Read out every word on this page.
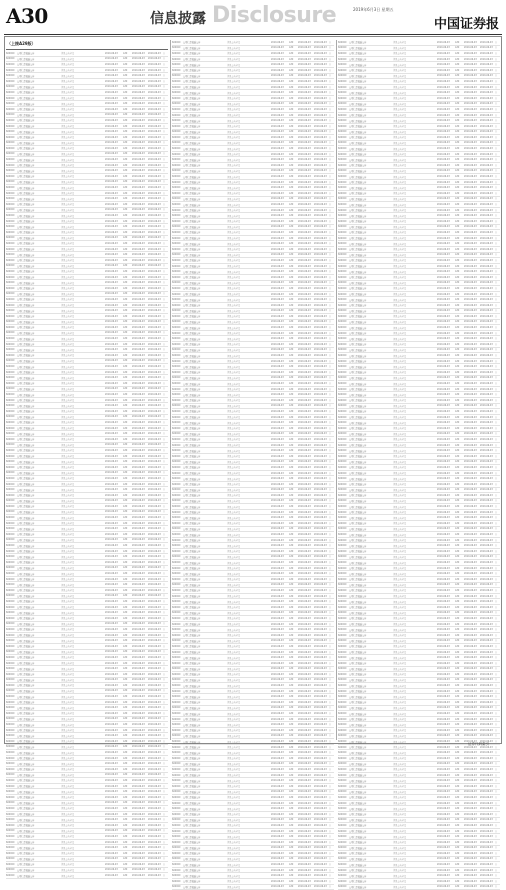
A30	信息披露 Disclosure	2019年6月3日 星期五
中国证券报
（上接A29版）
600000	公司信息披露公告	详见公告全文	2019-06-03	A30	2019-06-03	2019-06-03	○
600000	公司信息披露公告	详见公告全文	2019-06-03	A30	2019-06-03	2019-06-03	○
600000	公司信息披露公告	详见公告全文	2019-06-03	A30	2019-06-03	2019-06-03	○
600000	公司信息披露公告	详见公告全文	2019-06-03	A30	2019-06-03	2019-06-03	○
600000	公司信息披露公告	详见公告全文	2019-06-03	A30	2019-06-03	2019-06-03	○
600000	公司信息披露公告	详见公告全文	2019-06-03	A30	2019-06-03	2019-06-03	○
600000	公司信息披露公告	详见公告全文	2019-06-03	A30	2019-06-03	2019-06-03	○
600000	公司信息披露公告	详见公告全文	2019-06-03	A30	2019-06-03	2019-06-03	○
600000	公司信息披露公告	详见公告全文	2019-06-03	A30	2019-06-03	2019-06-03	○
600000	公司信息披露公告	详见公告全文	2019-06-03	A30	2019-06-03	2019-06-03	○
600000	公司信息披露公告	详见公告全文	2019-06-03	A30	2019-06-03	2019-06-03	○
600000	公司信息披露公告	详见公告全文	2019-06-03	A30	2019-06-03	2019-06-03	○
600000	公司信息披露公告	详见公告全文	2019-06-03	A30	2019-06-03	2019-06-03	○
600000	公司信息披露公告	详见公告全文	2019-06-03	A30	2019-06-03	2019-06-03	○
600000	公司信息披露公告	详见公告全文	2019-06-03	A30	2019-06-03	2019-06-03	○
600000	公司信息披露公告	详见公告全文	2019-06-03	A30	2019-06-03	2019-06-03	○
600000	公司信息披露公告	详见公告全文	2019-06-03	A30	2019-06-03	2019-06-03	○
600000	公司信息披露公告	详见公告全文	2019-06-03	A30	2019-06-03	2019-06-03	○
600000	公司信息披露公告	详见公告全文	2019-06-03	A30	2019-06-03	2019-06-03	○
600000	公司信息披露公告	详见公告全文	2019-06-03	A30	2019-06-03	2019-06-03	○
600000	公司信息披露公告	详见公告全文	2019-06-03	A30	2019-06-03	2019-06-03	○
600000	公司信息披露公告	详见公告全文	2019-06-03	A30	2019-06-03	2019-06-03	○
600000	公司信息披露公告	详见公告全文	2019-06-03	A30	2019-06-03	2019-06-03	○
600000	公司信息披露公告	详见公告全文	2019-06-03	A30	2019-06-03	2019-06-03	○
600000	公司信息披露公告	详见公告全文	2019-06-03	A30	2019-06-03	2019-06-03	○
600000	公司信息披露公告	详见公告全文	2019-06-03	A30	2019-06-03	2019-06-03	○
600000	公司信息披露公告	详见公告全文	2019-06-03	A30	2019-06-03	2019-06-03	○
600000	公司信息披露公告	详见公告全文	2019-06-03	A30	2019-06-03	2019-06-03	○
600000	公司信息披露公告	详见公告全文	2019-06-03	A30	2019-06-03	2019-06-03	○
600000	公司信息披露公告	详见公告全文	2019-06-03	A30	2019-06-03	2019-06-03	○
600000	公司信息披露公告	详见公告全文	2019-06-03	A30	2019-06-03	2019-06-03	○
600000	公司信息披露公告	详见公告全文	2019-06-03	A30	2019-06-03	2019-06-03	○
600000	公司信息披露公告	详见公告全文	2019-06-03	A30	2019-06-03	2019-06-03	○
600000	公司信息披露公告	详见公告全文	2019-06-03	A30	2019-06-03	2019-06-03	○
600000	公司信息披露公告	详见公告全文	2019-06-03	A30	2019-06-03	2019-06-03	○
600000	公司信息披露公告	详见公告全文	2019-06-03	A30	2019-06-03	2019-06-03	○
600000	公司信息披露公告	详见公告全文	2019-06-03	A30	2019-06-03	2019-06-03	○
600000	公司信息披露公告	详见公告全文	2019-06-03	A30	2019-06-03	2019-06-03	○
600000	公司信息披露公告	详见公告全文	2019-06-03	A30	2019-06-03	2019-06-03	○
600000	公司信息披露公告	详见公告全文	2019-06-03	A30	2019-06-03	2019-06-03	○
600000	公司信息披露公告	详见公告全文	2019-06-03	A30	2019-06-03	2019-06-03	○
600000	公司信息披露公告	详见公告全文	2019-06-03	A30	2019-06-03	2019-06-03	○
600000	公司信息披露公告	详见公告全文	2019-06-03	A30	2019-06-03	2019-06-03	○
600000	公司信息披露公告	详见公告全文	2019-06-03	A30	2019-06-03	2019-06-03	○
600000	公司信息披露公告	详见公告全文	2019-06-03	A30	2019-06-03	2019-06-03	○
600000	公司信息披露公告	详见公告全文	2019-06-03	A30	2019-06-03	2019-06-03	○
600000	公司信息披露公告	详见公告全文	2019-06-03	A30	2019-06-03	2019-06-03	○
600000	公司信息披露公告	详见公告全文	2019-06-03	A30	2019-06-03	2019-06-03	○
600000	公司信息披露公告	详见公告全文	2019-06-03	A30	2019-06-03	2019-06-03	○
600000	公司信息披露公告	详见公告全文	2019-06-03	A30	2019-06-03	2019-06-03	○
600000	公司信息披露公告	详见公告全文	2019-06-03	A30	2019-06-03	2019-06-03	○
600000	公司信息披露公告	详见公告全文	2019-06-03	A30	2019-06-03	2019-06-03	○
600000	公司信息披露公告	详见公告全文	2019-06-03	A30	2019-06-03	2019-06-03	○
600000	公司信息披露公告	详见公告全文	2019-06-03	A30	2019-06-03	2019-06-03	○
600000	公司信息披露公告	详见公告全文	2019-06-03	A30	2019-06-03	2019-06-03	○
600000	公司信息披露公告	详见公告全文	2019-06-03	A30	2019-06-03	2019-06-03	○
600000	公司信息披露公告	详见公告全文	2019-06-03	A30	2019-06-03	2019-06-03	○
600000	公司信息披露公告	详见公告全文	2019-06-03	A30	2019-06-03	2019-06-03	○
600000	公司信息披露公告	详见公告全文	2019-06-03	A30	2019-06-03	2019-06-03	○
600000	公司信息披露公告	详见公告全文	2019-06-03	A30	2019-06-03	2019-06-03	○
600000	公司信息披露公告	详见公告全文	2019-06-03	A30	2019-06-03	2019-06-03	○
600000	公司信息披露公告	详见公告全文	2019-06-03	A30	2019-06-03	2019-06-03	○
600000	公司信息披露公告	详见公告全文	2019-06-03	A30	2019-06-03	2019-06-03	○
600000	公司信息披露公告	详见公告全文	2019-06-03	A30	2019-06-03	2019-06-03	○
600000	公司信息披露公告	详见公告全文	2019-06-03	A30	2019-06-03	2019-06-03	○
600000	公司信息披露公告	详见公告全文	2019-06-03	A30	2019-06-03	2019-06-03	○
600000	公司信息披露公告	详见公告全文	2019-06-03	A30	2019-06-03	2019-06-03	○
600000	公司信息披露公告	详见公告全文	2019-06-03	A30	2019-06-03	2019-06-03	○
600000	公司信息披露公告	详见公告全文	2019-06-03	A30	2019-06-03	2019-06-03	○
600000	公司信息披露公告	详见公告全文	2019-06-03	A30	2019-06-03	2019-06-03	○
600000	公司信息披露公告	详见公告全文	2019-06-03	A30	2019-06-03	2019-06-03	○
600000	公司信息披露公告	详见公告全文	2019-06-03	A30	2019-06-03	2019-06-03	○
600000	公司信息披露公告	详见公告全文	2019-06-03	A30	2019-06-03	2019-06-03	○
600000	公司信息披露公告	详见公告全文	2019-06-03	A30	2019-06-03	2019-06-03	○
600000	公司信息披露公告	详见公告全文	2019-06-03	A30	2019-06-03	2019-06-03	○
600000	公司信息披露公告	详见公告全文	2019-06-03	A30	2019-06-03	2019-06-03	○
600000	公司信息披露公告	详见公告全文	2019-06-03	A30	2019-06-03	2019-06-03	○
600000	公司信息披露公告	详见公告全文	2019-06-03	A30	2019-06-03	2019-06-03	○
600000	公司信息披露公告	详见公告全文	2019-06-03	A30	2019-06-03	2019-06-03	○
600000	公司信息披露公告	详见公告全文	2019-06-03	A30	2019-06-03	2019-06-03	○
600000	公司信息披露公告	详见公告全文	2019-06-03	A30	2019-06-03	2019-06-03	○
600000	公司信息披露公告	详见公告全文	2019-06-03	A30	2019-06-03	2019-06-03	○
600000	公司信息披露公告	详见公告全文	2019-06-03	A30	2019-06-03	2019-06-03	○
600000	公司信息披露公告	详见公告全文	2019-06-03	A30	2019-06-03	2019-06-03	○
600000	公司信息披露公告	详见公告全文	2019-06-03	A30	2019-06-03	2019-06-03	○
600000	公司信息披露公告	详见公告全文	2019-06-03	A30	2019-06-03	2019-06-03	○
600000	公司信息披露公告	详见公告全文	2019-06-03	A30	2019-06-03	2019-06-03	○
600000	公司信息披露公告	详见公告全文	2019-06-03	A30	2019-06-03	2019-06-03	○
600000	公司信息披露公告	详见公告全文	2019-06-03	A30	2019-06-03	2019-06-03	○
600000	公司信息披露公告	详见公告全文	2019-06-03	A30	2019-06-03	2019-06-03	○
600000	公司信息披露公告	详见公告全文	2019-06-03	A30	2019-06-03	2019-06-03	○
600000	公司信息披露公告	详见公告全文	2019-06-03	A30	2019-06-03	2019-06-03	○
600000	公司信息披露公告	详见公告全文	2019-06-03	A30	2019-06-03	2019-06-03	○
600000	公司信息披露公告	详见公告全文	2019-06-03	A30	2019-06-03	2019-06-03	○
600000	公司信息披露公告	详见公告全文	2019-06-03	A30	2019-06-03	2019-06-03	○
600000	公司信息披露公告	详见公告全文	2019-06-03	A30	2019-06-03	2019-06-03	○
600000	公司信息披露公告	详见公告全文	2019-06-03	A30	2019-06-03	2019-06-03	○
600000	公司信息披露公告	详见公告全文	2019-06-03	A30	2019-06-03	2019-06-03	○
600000	公司信息披露公告	详见公告全文	2019-06-03	A30	2019-06-03	2019-06-03	○
600000	公司信息披露公告	详见公告全文	2019-06-03	A30	2019-06-03	2019-06-03	○
600000	公司信息披露公告	详见公告全文	2019-06-03	A30	2019-06-03	2019-06-03	○
600000	公司信息披露公告	详见公告全文	2019-06-03	A30	2019-06-03	2019-06-03	○
600000	公司信息披露公告	详见公告全文	2019-06-03	A30	2019-06-03	2019-06-03	○
600000	公司信息披露公告	详见公告全文	2019-06-03	A30	2019-06-03	2019-06-03	○
600000	公司信息披露公告	详见公告全文	2019-06-03	A30	2019-06-03	2019-06-03	○
600000	公司信息披露公告	详见公告全文	2019-06-03	A30	2019-06-03	2019-06-03	○
600000	公司信息披露公告	详见公告全文	2019-06-03	A30	2019-06-03	2019-06-03	○
600000	公司信息披露公告	详见公告全文	2019-06-03	A30	2019-06-03	2019-06-03	○
600000	公司信息披露公告	详见公告全文	2019-06-03	A30	2019-06-03	2019-06-03	○
600000	公司信息披露公告	详见公告全文	2019-06-03	A30	2019-06-03	2019-06-03	○
600000	公司信息披露公告	详见公告全文	2019-06-03	A30	2019-06-03	2019-06-03	○
600000	公司信息披露公告	详见公告全文	2019-06-03	A30	2019-06-03	2019-06-03	○
600000	公司信息披露公告	详见公告全文	2019-06-03	A30	2019-06-03	2019-06-03	○
600000	公司信息披露公告	详见公告全文	2019-06-03	A30	2019-06-03	2019-06-03	○
600000	公司信息披露公告	详见公告全文	2019-06-03	A30	2019-06-03	2019-06-03	○
600000	公司信息披露公告	详见公告全文	2019-06-03	A30	2019-06-03	2019-06-03	○
600000	公司信息披露公告	详见公告全文	2019-06-03	A30	2019-06-03	2019-06-03	○
600000	公司信息披露公告	详见公告全文	2019-06-03	A30	2019-06-03	2019-06-03	○
600000	公司信息披露公告	详见公告全文	2019-06-03	A30	2019-06-03	2019-06-03	○
600000	公司信息披露公告	详见公告全文	2019-06-03	A30	2019-06-03	2019-06-03	○
600000	公司信息披露公告	详见公告全文	2019-06-03	A30	2019-06-03	2019-06-03	○
600000	公司信息披露公告	详见公告全文	2019-06-03	A30	2019-06-03	2019-06-03	○
600000	公司信息披露公告	详见公告全文	2019-06-03	A30	2019-06-03	2019-06-03	○
600000	公司信息披露公告	详见公告全文	2019-06-03	A30	2019-06-03	2019-06-03	○
600000	公司信息披露公告	详见公告全文	2019-06-03	A30	2019-06-03	2019-06-03	○
600000	公司信息披露公告	详见公告全文	2019-06-03	A30	2019-06-03	2019-06-03	○
600000	公司信息披露公告	详见公告全文	2019-06-03	A30	2019-06-03	2019-06-03	○
600000	公司信息披露公告	详见公告全文	2019-06-03	A30	2019-06-03	2019-06-03	○
600000	公司信息披露公告	详见公告全文	2019-06-03	A30	2019-06-03	2019-06-03	○
600000	公司信息披露公告	详见公告全文	2019-06-03	A30	2019-06-03	2019-06-03	○
600000	公司信息披露公告	详见公告全文	2019-06-03	A30	2019-06-03	2019-06-03	○
600000	公司信息披露公告	详见公告全文	2019-06-03	A30	2019-06-03	2019-06-03	○
600000	公司信息披露公告	详见公告全文	2019-06-03	A30	2019-06-03	2019-06-03	○
600000	公司信息披露公告	详见公告全文	2019-06-03	A30	2019-06-03	2019-06-03	○
600000	公司信息披露公告	详见公告全文	2019-06-03	A30	2019-06-03	2019-06-03	○
600000	公司信息披露公告	详见公告全文	2019-06-03	A30	2019-06-03	2019-06-03	○
600000	公司信息披露公告	详见公告全文	2019-06-03	A30	2019-06-03	2019-06-03	○
600000	公司信息披露公告	详见公告全文	2019-06-03	A30	2019-06-03	2019-06-03	○
600000	公司信息披露公告	详见公告全文	2019-06-03	A30	2019-06-03	2019-06-03	○
600000	公司信息披露公告	详见公告全文	2019-06-03	A30	2019-06-03	2019-06-03	○
600000	公司信息披露公告	详见公告全文	2019-06-03	A30	2019-06-03	2019-06-03	○
600000	公司信息披露公告	详见公告全文	2019-06-03	A30	2019-06-03	2019-06-03	○
600000	公司信息披露公告	详见公告全文	2019-06-03	A30	2019-06-03	2019-06-03	○
600000	公司信息披露公告	详见公告全文	2019-06-03	A30	2019-06-03	2019-06-03	○
600000	公司信息披露公告	详见公告全文	2019-06-03	A30	2019-06-03	2019-06-03	○
600000	公司信息披露公告	详见公告全文	2019-06-03	A30	2019-06-03	2019-06-03	○
600000	公司信息披露公告	详见公告全文	2019-06-03	A30	2019-06-03	2019-06-03	○
600000	公司信息披露公告	详见公告全文	2019-06-03	A30	2019-06-03	2019-06-03	○
600000	公司信息披露公告	详见公告全文	2019-06-03	A30	2019-06-03	2019-06-03	○
600000	公司信息披露公告	详见公告全文	2019-06-03	A30	2019-06-03	2019-06-03	○
600000	公司信息披露公告	详见公告全文	2019-06-03	A30	2019-06-03	2019-06-03	○
600000	公司信息披露公告	详见公告全文	2019-06-03	A30	2019-06-03	2019-06-03	○
600000	公司信息披露公告	详见公告全文	2019-06-03	A30	2019-06-03	2019-06-03	○
600000	公司信息披露公告	详见公告全文	2019-06-03	A30	2019-06-03	2019-06-03	○
600000	公司信息披露公告	详见公告全文	2019-06-03	A30	2019-06-03	2019-06-03	○
600000	公司信息披露公告	详见公告全文	2019-06-03	A30	2019-06-03	2019-06-03	○
600000	公司信息披露公告	详见公告全文	2019-06-03	A30	2019-06-03	2019-06-03	○
600000	公司信息披露公告	详见公告全文	2019-06-03	A30	2019-06-03	2019-06-03	○
600000	公司信息披露公告	详见公告全文	2019-06-03	A30	2019-06-03	2019-06-03	○
600000	公司信息披露公告	详见公告全文	2019-06-03	A30	2019-06-03	2019-06-03	○
600000	公司信息披露公告	详见公告全文	2019-06-03	A30	2019-06-03	2019-06-03	○
600000	公司信息披露公告	详见公告全文	2019-06-03	A30	2019-06-03	2019-06-03	○
600000	公司信息披露公告	详见公告全文	2019-06-03	A30	2019-06-03	2019-06-03	○
600000	公司信息披露公告	详见公告全文	2019-06-03	A30	2019-06-03	2019-06-03	○
600000	公司信息披露公告	详见公告全文	2019-06-03	A30	2019-06-03	2019-06-03	○
600000	公司信息披露公告	详见公告全文	2019-06-03	A30	2019-06-03	2019-06-03	○
600000	公司信息披露公告	详见公告全文	2019-06-03	A30	2019-06-03	2019-06-03	○
600000	公司信息披露公告	详见公告全文	2019-06-03	A30	2019-06-03	2019-06-03	○
600000	公司信息披露公告	详见公告全文	2019-06-03	A30	2019-06-03	2019-06-03	○
600000	公司信息披露公告	详见公告全文	2019-06-03	A30	2019-06-03	2019-06-03	○
600000	公司信息披露公告	详见公告全文	2019-06-03	A30	2019-06-03	2019-06-03	○
600000	公司信息披露公告	详见公告全文	2019-06-03	A30	2019-06-03	2019-06-03	○
600000	公司信息披露公告	详见公告全文	2019-06-03	A30	2019-06-03	2019-06-03	○
600000	公司信息披露公告	详见公告全文	2019-06-03	A30	2019-06-03	2019-06-03	○
600000	公司信息披露公告	详见公告全文	2019-06-03	A30	2019-06-03	2019-06-03	○
600000	公司信息披露公告	详见公告全文	2019-06-03	A30	2019-06-03	2019-06-03	○
600000	公司信息披露公告	详见公告全文	2019-06-03	A30	2019-06-03	2019-06-03	○
600000	公司信息披露公告	详见公告全文	2019-06-03	A30	2019-06-03	2019-06-03	○
600000	公司信息披露公告	详见公告全文	2019-06-03	A30	2019-06-03	2019-06-03	○
600000	公司信息披露公告	详见公告全文	2019-06-03	A30	2019-06-03	2019-06-03	○
600000	公司信息披露公告	详见公告全文	2019-06-03	A30	2019-06-03	2019-06-03	○
600000	公司信息披露公告	详见公告全文	2019-06-03	A30	2019-06-03	2019-06-03	○
600000	公司信息披露公告	详见公告全文	2019-06-03	A30	2019-06-03	2019-06-03	○
600000	公司信息披露公告	详见公告全文	2019-06-03	A30	2019-06-03	2019-06-03	○
600000	公司信息披露公告	详见公告全文	2019-06-03	A30	2019-06-03	2019-06-03	○
600000	公司信息披露公告	详见公告全文	2019-06-03	A30	2019-06-03	2019-06-03	○
600000	公司信息披露公告	详见公告全文	2019-06-03	A30	2019-06-03	2019-06-03	○
600000	公司信息披露公告	详见公告全文	2019-06-03	A30	2019-06-03	2019-06-03	○
600000	公司信息披露公告	详见公告全文	2019-06-03	A30	2019-06-03	2019-06-03	○
600000	公司信息披露公告	详见公告全文	2019-06-03	A30	2019-06-03	2019-06-03	○
600000	公司信息披露公告	详见公告全文	2019-06-03	A30	2019-06-03	2019-06-03	○
600000	公司信息披露公告	详见公告全文	2019-06-03	A30	2019-06-03	2019-06-03	○
600000	公司信息披露公告	详见公告全文	2019-06-03	A30	2019-06-03	2019-06-03	○
600000	公司信息披露公告	详见公告全文	2019-06-03	A30	2019-06-03	2019-06-03	○
600000	公司信息披露公告	详见公告全文	2019-06-03	A30	2019-06-03	2019-06-03	○
600000	公司信息披露公告	详见公告全文	2019-06-03	A30	2019-06-03	2019-06-03	○
600000	公司信息披露公告	详见公告全文	2019-06-03	A30	2019-06-03	2019-06-03	○
600000	公司信息披露公告	详见公告全文	2019-06-03	A30	2019-06-03	2019-06-03	○
600000	公司信息披露公告	详见公告全文	2019-06-03	A30	2019-06-03	2019-06-03	○
600000	公司信息披露公告	详见公告全文	2019-06-03	A30	2019-06-03	2019-06-03	○
600000	公司信息披露公告	详见公告全文	2019-06-03	A30	2019-06-03	2019-06-03	○
600000	公司信息披露公告	详见公告全文	2019-06-03	A30	2019-06-03	2019-06-03	○
600000	公司信息披露公告	详见公告全文	2019-06-03	A30	2019-06-03	2019-06-03	○
600000	公司信息披露公告	详见公告全文	2019-06-03	A30	2019-06-03	2019-06-03	○
600000	公司信息披露公告	详见公告全文	2019-06-03	A30	2019-06-03	2019-06-03	○
600000	公司信息披露公告	详见公告全文	2019-06-03	A30	2019-06-03	2019-06-03	○
600000	公司信息披露公告	详见公告全文	2019-06-03	A30	2019-06-03	2019-06-03	○
600000	公司信息披露公告	详见公告全文	2019-06-03	A30	2019-06-03	2019-06-03	○
600000	公司信息披露公告	详见公告全文	2019-06-03	A30	2019-06-03	2019-06-03	○
600000	公司信息披露公告	详见公告全文	2019-06-03	A30	2019-06-03	2019-06-03	○
600000	公司信息披露公告	详见公告全文	2019-06-03	A30	2019-06-03	2019-06-03	○
600000	公司信息披露公告	详见公告全文	2019-06-03	A30	2019-06-03	2019-06-03	○
600000	公司信息披露公告	详见公告全文	2019-06-03	A30	2019-06-03	2019-06-03	○
600000	公司信息披露公告	详见公告全文	2019-06-03	A30	2019-06-03	2019-06-03	○
600000	公司信息披露公告	详见公告全文	2019-06-03	A30	2019-06-03	2019-06-03	○
600000	公司信息披露公告	详见公告全文	2019-06-03	A30	2019-06-03	2019-06-03	○
600000	公司信息披露公告	详见公告全文	2019-06-03	A30	2019-06-03	2019-06-03	○
600000	公司信息披露公告	详见公告全文	2019-06-03	A30	2019-06-03	2019-06-03	○
600000	公司信息披露公告	详见公告全文	2019-06-03	A30	2019-06-03	2019-06-03	○
600000	公司信息披露公告	详见公告全文	2019-06-03	A30	2019-06-03	2019-06-03	○
600000	公司信息披露公告	详见公告全文	2019-06-03	A30	2019-06-03	2019-06-03	○
600000	公司信息披露公告	详见公告全文	2019-06-03	A30	2019-06-03	2019-06-03	○
600000	公司信息披露公告	详见公告全文	2019-06-03	A30	2019-06-03	2019-06-03	○
600000	公司信息披露公告	详见公告全文	2019-06-03	A30	2019-06-03	2019-06-03	○
600000	公司信息披露公告	详见公告全文	2019-06-03	A30	2019-06-03	2019-06-03	○
600000	公司信息披露公告	详见公告全文	2019-06-03	A30	2019-06-03	2019-06-03	○
600000	公司信息披露公告	详见公告全文	2019-06-03	A30	2019-06-03	2019-06-03	○
600000	公司信息披露公告	详见公告全文	2019-06-03	A30	2019-06-03	2019-06-03	○
600000	公司信息披露公告	详见公告全文	2019-06-03	A30	2019-06-03	2019-06-03	○
600000	公司信息披露公告	详见公告全文	2019-06-03	A30	2019-06-03	2019-06-03	○
600000	公司信息披露公告	详见公告全文	2019-06-03	A30	2019-06-03	2019-06-03	○
600000	公司信息披露公告	详见公告全文	2019-06-03	A30	2019-06-03	2019-06-03	○
600000	公司信息披露公告	详见公告全文	2019-06-03	A30	2019-06-03	2019-06-03	○
600000	公司信息披露公告	详见公告全文	2019-06-03	A30	2019-06-03	2019-06-03	○
600000	公司信息披露公告	详见公告全文	2019-06-03	A30	2019-06-03	2019-06-03	○
600000	公司信息披露公告	详见公告全文	2019-06-03	A30	2019-06-03	2019-06-03	○
600000	公司信息披露公告	详见公告全文	2019-06-03	A30	2019-06-03	2019-06-03	○
600000	公司信息披露公告	详见公告全文	2019-06-03	A30	2019-06-03	2019-06-03	○
600000	公司信息披露公告	详见公告全文	2019-06-03	A30	2019-06-03	2019-06-03	○
600000	公司信息披露公告	详见公告全文	2019-06-03	A30	2019-06-03	2019-06-03	○
600000	公司信息披露公告	详见公告全文	2019-06-03	A30	2019-06-03	2019-06-03	○
600000	公司信息披露公告	详见公告全文	2019-06-03	A30	2019-06-03	2019-06-03	○
600000	公司信息披露公告	详见公告全文	2019-06-03	A30	2019-06-03	2019-06-03	○
600000	公司信息披露公告	详见公告全文	2019-06-03	A30	2019-06-03	2019-06-03	○
600000	公司信息披露公告	详见公告全文	2019-06-03	A30	2019-06-03	2019-06-03	○
600000	公司信息披露公告	详见公告全文	2019-06-03	A30	2019-06-03	2019-06-03	○
600000	公司信息披露公告	详见公告全文	2019-06-03	A30	2019-06-03	2019-06-03	○
600000	公司信息披露公告	详见公告全文	2019-06-03	A30	2019-06-03	2019-06-03	○
600000	公司信息披露公告	详见公告全文	2019-06-03	A30	2019-06-03	2019-06-03	○
600000	公司信息披露公告	详见公告全文	2019-06-03	A30	2019-06-03	2019-06-03	○
600000	公司信息披露公告	详见公告全文	2019-06-03	A30	2019-06-03	2019-06-03	○
600000	公司信息披露公告	详见公告全文	2019-06-03	A30	2019-06-03	2019-06-03	○
600000	公司信息披露公告	详见公告全文	2019-06-03	A30	2019-06-03	2019-06-03	○
600000	公司信息披露公告	详见公告全文	2019-06-03	A30	2019-06-03	2019-06-03	○
600000	公司信息披露公告	详见公告全文	2019-06-03	A30	2019-06-03	2019-06-03	○
600000	公司信息披露公告	详见公告全文	2019-06-03	A30	2019-06-03	2019-06-03	○
600000	公司信息披露公告	详见公告全文	2019-06-03	A30	2019-06-03	2019-06-03	○
600000	公司信息披露公告	详见公告全文	2019-06-03	A30	2019-06-03	2019-06-03	○
600000	公司信息披露公告	详见公告全文	2019-06-03	A30	2019-06-03	2019-06-03	○
600000	公司信息披露公告	详见公告全文	2019-06-03	A30	2019-06-03	2019-06-03	○
600000	公司信息披露公告	详见公告全文	2019-06-03	A30	2019-06-03	2019-06-03	○
600000	公司信息披露公告	详见公告全文	2019-06-03	A30	2019-06-03	2019-06-03	○
600000	公司信息披露公告	详见公告全文	2019-06-03	A30	2019-06-03	2019-06-03	○
600000	公司信息披露公告	详见公告全文	2019-06-03	A30	2019-06-03	2019-06-03	○
600000	公司信息披露公告	详见公告全文	2019-06-03	A30	2019-06-03	2019-06-03	○
600000	公司信息披露公告	详见公告全文	2019-06-03	A30	2019-06-03	2019-06-03	○
600000	公司信息披露公告	详见公告全文	2019-06-03	A30	2019-06-03	2019-06-03	○
600000	公司信息披露公告	详见公告全文	2019-06-03	A30	2019-06-03	2019-06-03	○
600000	公司信息披露公告	详见公告全文	2019-06-03	A30	2019-06-03	2019-06-03	○
600000	公司信息披露公告	详见公告全文	2019-06-03	A30	2019-06-03	2019-06-03	○
600000	公司信息披露公告	详见公告全文	2019-06-03	A30	2019-06-03	2019-06-03	○
600000	公司信息披露公告	详见公告全文	2019-06-03	A30	2019-06-03	2019-06-03	○
600000	公司信息披露公告	详见公告全文	2019-06-03	A30	2019-06-03	2019-06-03	○
600000	公司信息披露公告	详见公告全文	2019-06-03	A30	2019-06-03	2019-06-03	○
600000	公司信息披露公告	详见公告全文	2019-06-03	A30	2019-06-03	2019-06-03	○
600000	公司信息披露公告	详见公告全文	2019-06-03	A30	2019-06-03	2019-06-03	○
600000	公司信息披露公告	详见公告全文	2019-06-03	A30	2019-06-03	2019-06-03	○
600000	公司信息披露公告	详见公告全文	2019-06-03	A30	2019-06-03	2019-06-03	○
600000	公司信息披露公告	详见公告全文	2019-06-03	A30	2019-06-03	2019-06-03	○
600000	公司信息披露公告	详见公告全文	2019-06-03	A30	2019-06-03	2019-06-03	○
600000	公司信息披露公告	详见公告全文	2019-06-03	A30	2019-06-03	2019-06-03	○
600000	公司信息披露公告	详见公告全文	2019-06-03	A30	2019-06-03	2019-06-03	○
600000	公司信息披露公告	详见公告全文	2019-06-03	A30	2019-06-03	2019-06-03	○
600000	公司信息披露公告	详见公告全文	2019-06-03	A30	2019-06-03	2019-06-03	○
600000	公司信息披露公告	详见公告全文	2019-06-03	A30	2019-06-03	2019-06-03	○
600000	公司信息披露公告	详见公告全文	2019-06-03	A30	2019-06-03	2019-06-03	○
600000	公司信息披露公告	详见公告全文	2019-06-03	A30	2019-06-03	2019-06-03	○
600000	公司信息披露公告	详见公告全文	2019-06-03	A30	2019-06-03	2019-06-03	○
600000	公司信息披露公告	详见公告全文	2019-06-03	A30	2019-06-03	2019-06-03	○
600000	公司信息披露公告	详见公告全文	2019-06-03	A30	2019-06-03	2019-06-03	○
600000	公司信息披露公告	详见公告全文	2019-06-03	A30	2019-06-03	2019-06-03	○
600000	公司信息披露公告	详见公告全文	2019-06-03	A30	2019-06-03	2019-06-03	○
600000	公司信息披露公告	详见公告全文	2019-06-03	A30	2019-06-03	2019-06-03	○
600000	公司信息披露公告	详见公告全文	2019-06-03	A30	2019-06-03	2019-06-03	○
600000	公司信息披露公告	详见公告全文	2019-06-03	A30	2019-06-03	2019-06-03	○
600000	公司信息披露公告	详见公告全文	2019-06-03	A30	2019-06-03	2019-06-03	○
600000	公司信息披露公告	详见公告全文	2019-06-03	A30	2019-06-03	2019-06-03	○
600000	公司信息披露公告	详见公告全文	2019-06-03	A30	2019-06-03	2019-06-03	○
600000	公司信息披露公告	详见公告全文	2019-06-03	A30	2019-06-03	2019-06-03	○
600000	公司信息披露公告	详见公告全文	2019-06-03	A30	2019-06-03	2019-06-03	○
600000	公司信息披露公告	详见公告全文	2019-06-03	A30	2019-06-03	2019-06-03	○
600000	公司信息披露公告	详见公告全文	2019-06-03	A30	2019-06-03	2019-06-03	○
600000	公司信息披露公告	详见公告全文	2019-06-03	A30	2019-06-03	2019-06-03	○
600000	公司信息披露公告	详见公告全文	2019-06-03	A30	2019-06-03	2019-06-03	○
600000	公司信息披露公告	详见公告全文	2019-06-03	A30	2019-06-03	2019-06-03	○
600000	公司信息披露公告	详见公告全文	2019-06-03	A30	2019-06-03	2019-06-03	○
600000	公司信息披露公告	详见公告全文	2019-06-03	A30	2019-06-03	2019-06-03	○
600000	公司信息披露公告	详见公告全文	2019-06-03	A30	2019-06-03	2019-06-03	○
600000	公司信息披露公告	详见公告全文	2019-06-03	A30	2019-06-03	2019-06-03	○
600000	公司信息披露公告	详见公告全文	2019-06-03	A30	2019-06-03	2019-06-03	○
600000	公司信息披露公告	详见公告全文	2019-06-03	A30	2019-06-03	2019-06-03	○
600000	公司信息披露公告	详见公告全文	2019-06-03	A30	2019-06-03	2019-06-03	○
600000	公司信息披露公告	详见公告全文	2019-06-03	A30	2019-06-03	2019-06-03	○
600000	公司信息披露公告	详见公告全文	2019-06-03	A30	2019-06-03	2019-06-03	○
600000	公司信息披露公告	详见公告全文	2019-06-03	A30	2019-06-03	2019-06-03	○
600000	公司信息披露公告	详见公告全文	2019-06-03	A30	2019-06-03	2019-06-03	○
600000	公司信息披露公告	详见公告全文	2019-06-03	A30	2019-06-03	2019-06-03	○
600000	公司信息披露公告	详见公告全文	2019-06-03	A30	2019-06-03	2019-06-03	○
600000	公司信息披露公告	详见公告全文	2019-06-03	A30	2019-06-03	2019-06-03	○
600000	公司信息披露公告	详见公告全文	2019-06-03	A30	2019-06-03	2019-06-03	○
600000	公司信息披露公告	详见公告全文	2019-06-03	A30	2019-06-03	2019-06-03	○
600000	公司信息披露公告	详见公告全文	2019-06-03	A30	2019-06-03	2019-06-03	○
600000	公司信息披露公告	详见公告全文	2019-06-03	A30	2019-06-03	2019-06-03	○
600000	公司信息披露公告	详见公告全文	2019-06-03	A30	2019-06-03	2019-06-03	○
600000	公司信息披露公告	详见公告全文	2019-06-03	A30	2019-06-03	2019-06-03	○
600000	公司信息披露公告	详见公告全文	2019-06-03	A30	2019-06-03	2019-06-03	○
600000	公司信息披露公告	详见公告全文	2019-06-03	A30	2019-06-03	2019-06-03	○
600000	公司信息披露公告	详见公告全文	2019-06-03	A30	2019-06-03	2019-06-03	○
600000	公司信息披露公告	详见公告全文	2019-06-03	A30	2019-06-03	2019-06-03	○
600000	公司信息披露公告	详见公告全文	2019-06-03	A30	2019-06-03	2019-06-03	○
600000	公司信息披露公告	详见公告全文	2019-06-03	A30	2019-06-03	2019-06-03	○
600000	公司信息披露公告	详见公告全文	2019-06-03	A30	2019-06-03	2019-06-03	○
600000	公司信息披露公告	详见公告全文	2019-06-03	A30	2019-06-03	2019-06-03	○
600000	公司信息披露公告	详见公告全文	2019-06-03	A30	2019-06-03	2019-06-03	○
600000	公司信息披露公告	详见公告全文	2019-06-03	A30	2019-06-03	2019-06-03	○
600000	公司信息披露公告	详见公告全文	2019-06-03	A30	2019-06-03	2019-06-03	○
600000	公司信息披露公告	详见公告全文	2019-06-03	A30	2019-06-03	2019-06-03	○
600000	公司信息披露公告	详见公告全文	2019-06-03	A30	2019-06-03	2019-06-03	○
600000	公司信息披露公告	详见公告全文	2019-06-03	A30	2019-06-03	2019-06-03	○
600000	公司信息披露公告	详见公告全文	2019-06-03	A30	2019-06-03	2019-06-03	○
600000	公司信息披露公告	详见公告全文	2019-06-03	A30	2019-06-03	2019-06-03	○
600000	公司信息披露公告	详见公告全文	2019-06-03	A30	2019-06-03	2019-06-03	○
600000	公司信息披露公告	详见公告全文	2019-06-03	A30	2019-06-03	2019-06-03	○
600000	公司信息披露公告	详见公告全文	2019-06-03	A30	2019-06-03	2019-06-03	○
600000	公司信息披露公告	详见公告全文	2019-06-03	A30	2019-06-03	2019-06-03	○
600000	公司信息披露公告	详见公告全文	2019-06-03	A30	2019-06-03	2019-06-03	○
600000	公司信息披露公告	详见公告全文	2019-06-03	A30	2019-06-03	2019-06-03	○
600000	公司信息披露公告	详见公告全文	2019-06-03	A30	2019-06-03	2019-06-03	○
600000	公司信息披露公告	详见公告全文	2019-06-03	A30	2019-06-03	2019-06-03	○
600000	公司信息披露公告	详见公告全文	2019-06-03	A30	2019-06-03	2019-06-03	○
600000	公司信息披露公告	详见公告全文	2019-06-03	A30	2019-06-03	2019-06-03	○
600000	公司信息披露公告	详见公告全文	2019-06-03	A30	2019-06-03	2019-06-03	○
600000	公司信息披露公告	详见公告全文	2019-06-03	A30	2019-06-03	2019-06-03	○
600000	公司信息披露公告	详见公告全文	2019-06-03	A30	2019-06-03	2019-06-03	○
600000	公司信息披露公告	详见公告全文	2019-06-03	A30	2019-06-03	2019-06-03	○
600000	公司信息披露公告	详见公告全文	2019-06-03	A30	2019-06-03	2019-06-03	○
600000	公司信息披露公告	详见公告全文	2019-06-03	A30	2019-06-03	2019-06-03	○
600000	公司信息披露公告	详见公告全文	2019-06-03	A30	2019-06-03	2019-06-03	○
600000	公司信息披露公告	详见公告全文	2019-06-03	A30	2019-06-03	2019-06-03	○
600000	公司信息披露公告	详见公告全文	2019-06-03	A30	2019-06-03	2019-06-03	○
600000	公司信息披露公告	详见公告全文	2019-06-03	A30	2019-06-03	2019-06-03	○
600000	公司信息披露公告	详见公告全文	2019-06-03	A30	2019-06-03	2019-06-03	○
600000	公司信息披露公告	详见公告全文	2019-06-03	A30	2019-06-03	2019-06-03	○
600000	公司信息披露公告	详见公告全文	2019-06-03	A30	2019-06-03	2019-06-03	○
600000	公司信息披露公告	详见公告全文	2019-06-03	A30	2019-06-03	2019-06-03	○
600000	公司信息披露公告	详见公告全文	2019-06-03	A30	2019-06-03	2019-06-03	○
600000	公司信息披露公告	详见公告全文	2019-06-03	A30	2019-06-03	2019-06-03	○
600000	公司信息披露公告	详见公告全文	2019-06-03	A30	2019-06-03	2019-06-03	○
600000	公司信息披露公告	详见公告全文	2019-06-03	A30	2019-06-03	2019-06-03	○
600000	公司信息披露公告	详见公告全文	2019-06-03	A30	2019-06-03	2019-06-03	○
600000	公司信息披露公告	详见公告全文	2019-06-03	A30	2019-06-03	2019-06-03	○
600000	公司信息披露公告	详见公告全文	2019-06-03	A30	2019-06-03	2019-06-03	○
600000	公司信息披露公告	详见公告全文	2019-06-03	A30	2019-06-03	2019-06-03	○
600000	公司信息披露公告	详见公告全文	2019-06-03	A30	2019-06-03	2019-06-03	○
600000	公司信息披露公告	详见公告全文	2019-06-03	A30	2019-06-03	2019-06-03	○
600000	公司信息披露公告	详见公告全文	2019-06-03	A30	2019-06-03	2019-06-03	○
600000	公司信息披露公告	详见公告全文	2019-06-03	A30	2019-06-03	2019-06-03	○
600000	公司信息披露公告	详见公告全文	2019-06-03	A30	2019-06-03	2019-06-03	○
600000	公司信息披露公告	详见公告全文	2019-06-03	A30	2019-06-03	2019-06-03	○
600000	公司信息披露公告	详见公告全文	2019-06-03	A30	2019-06-03	2019-06-03	○
600000	公司信息披露公告	详见公告全文	2019-06-03	A30	2019-06-03	2019-06-03	○
600000	公司信息披露公告	详见公告全文	2019-06-03	A30	2019-06-03	2019-06-03	○
600000	公司信息披露公告	详见公告全文	2019-06-03	A30	2019-06-03	2019-06-03	○
600000	公司信息披露公告	详见公告全文	2019-06-03	A30	2019-06-03	2019-06-03	○
600000	公司信息披露公告	详见公告全文	2019-06-03	A30	2019-06-03	2019-06-03	○
600000	公司信息披露公告	详见公告全文	2019-06-03	A30	2019-06-03	2019-06-03	○
600000	公司信息披露公告	详见公告全文	2019-06-03	A30	2019-06-03	2019-06-03	○
600000	公司信息披露公告	详见公告全文	2019-06-03	A30	2019-06-03	2019-06-03	○
600000	公司信息披露公告	详见公告全文	2019-06-03	A30	2019-06-03	2019-06-03	○
600000	公司信息披露公告	详见公告全文	2019-06-03	A30	2019-06-03	2019-06-03	○
600000	公司信息披露公告	详见公告全文	2019-06-03	A30	2019-06-03	2019-06-03	○
600000	公司信息披露公告	详见公告全文	2019-06-03	A30	2019-06-03	2019-06-03	○
600000	公司信息披露公告	详见公告全文	2019-06-03	A30	2019-06-03	2019-06-03	○
600000	公司信息披露公告	详见公告全文	2019-06-03	A30	2019-06-03	2019-06-03	○
600000	公司信息披露公告	详见公告全文	2019-06-03	A30	2019-06-03	2019-06-03	○
600000	公司信息披露公告	详见公告全文	2019-06-03	A30	2019-06-03	2019-06-03	○
600000	公司信息披露公告	详见公告全文	2019-06-03	A30	2019-06-03	2019-06-03	○
600000	公司信息披露公告	详见公告全文	2019-06-03	A30	2019-06-03	2019-06-03	○
600000	公司信息披露公告	详见公告全文	2019-06-03	A30	2019-06-03	2019-06-03	○
600000	公司信息披露公告	详见公告全文	2019-06-03	A30	2019-06-03	2019-06-03	○
600000	公司信息披露公告	详见公告全文	2019-06-03	A30	2019-06-03	2019-06-03	○
600000	公司信息披露公告	详见公告全文	2019-06-03	A30	2019-06-03	2019-06-03	○
600000	公司信息披露公告	详见公告全文	2019-06-03	A30	2019-06-03	2019-06-03	○
600000	公司信息披露公告	详见公告全文	2019-06-03	A30	2019-06-03	2019-06-03	○
600000	公司信息披露公告	详见公告全文	2019-06-03	A30	2019-06-03	2019-06-03	○
600000	公司信息披露公告	详见公告全文	2019-06-03	A30	2019-06-03	2019-06-03	○
600000	公司信息披露公告	详见公告全文	2019-06-03	A30	2019-06-03	2019-06-03	○
600000	公司信息披露公告	详见公告全文	2019-06-03	A30	2019-06-03	2019-06-03	○
600000	公司信息披露公告	详见公告全文	2019-06-03	A30	2019-06-03	2019-06-03	○
600000	公司信息披露公告	详见公告全文	2019-06-03	A30	2019-06-03	2019-06-03	○
600000	公司信息披露公告	详见公告全文	2019-06-03	A30	2019-06-03	2019-06-03	○
600000	公司信息披露公告	详见公告全文	2019-06-03	A30	2019-06-03	2019-06-03	○
600000	公司信息披露公告	详见公告全文	2019-06-03	A30	2019-06-03	2019-06-03	○
600000	公司信息披露公告	详见公告全文	2019-06-03	A30	2019-06-03	2019-06-03	○
600000	公司信息披露公告	详见公告全文	2019-06-03	A30	2019-06-03	2019-06-03	○
600000	公司信息披露公告	详见公告全文	2019-06-03	A30	2019-06-03	2019-06-03	○
600000	公司信息披露公告	详见公告全文	2019-06-03	A30	2019-06-03	2019-06-03	○
600000	公司信息披露公告	详见公告全文	2019-06-03	A30	2019-06-03	2019-06-03	○
600000	公司信息披露公告	详见公告全文	2019-06-03	A30	2019-06-03	2019-06-03	○
600000	公司信息披露公告	详见公告全文	2019-06-03	A30	2019-06-03	2019-06-03	○
600000	公司信息披露公告	详见公告全文	2019-06-03	A30	2019-06-03	2019-06-03	○
600000	公司信息披露公告	详见公告全文	2019-06-03	A30	2019-06-03	2019-06-03	○
600000	公司信息披露公告	详见公告全文	2019-06-03	A30	2019-06-03	2019-06-03	○
600000	公司信息披露公告	详见公告全文	2019-06-03	A30	2019-06-03	2019-06-03	○
600000	公司信息披露公告	详见公告全文	2019-06-03	A30	2019-06-03	2019-06-03	○
600000	公司信息披露公告	详见公告全文	2019-06-03	A30	2019-06-03	2019-06-03	○
600000	公司信息披露公告	详见公告全文	2019-06-03	A30	2019-06-03	2019-06-03	○
600000	公司信息披露公告	详见公告全文	2019-06-03	A30	2019-06-03	2019-06-03	○
600000	公司信息披露公告	详见公告全文	2019-06-03	A30	2019-06-03	2019-06-03	○
600000	公司信息披露公告	详见公告全文	2019-06-03	A30	2019-06-03	2019-06-03	○
600000	公司信息披露公告	详见公告全文	2019-06-03	A30	2019-06-03	2019-06-03	○
600000	公司信息披露公告	详见公告全文	2019-06-03	A30	2019-06-03	2019-06-03	○
600000	公司信息披露公告	详见公告全文	2019-06-03	A30	2019-06-03	2019-06-03	○
600000	公司信息披露公告	详见公告全文	2019-06-03	A30	2019-06-03	2019-06-03	○
600000	公司信息披露公告	详见公告全文	2019-06-03	A30	2019-06-03	2019-06-03	○
600000	公司信息披露公告	详见公告全文	2019-06-03	A30	2019-06-03	2019-06-03	○
600000	公司信息披露公告	详见公告全文	2019-06-03	A30	2019-06-03	2019-06-03	○
600000	公司信息披露公告	详见公告全文	2019-06-03	A30	2019-06-03	2019-06-03	○
600000	公司信息披露公告	详见公告全文	2019-06-03	A30	2019-06-03	2019-06-03	○
600000	公司信息披露公告	详见公告全文	2019-06-03	A30	2019-06-03	2019-06-03	○
600000	公司信息披露公告	详见公告全文	2019-06-03	A30	2019-06-03	2019-06-03	○
600000	公司信息披露公告	详见公告全文	2019-06-03	A30	2019-06-03	2019-06-03	○
600000	公司信息披露公告	详见公告全文	2019-06-03	A30	2019-06-03	2019-06-03	○
600000	公司信息披露公告	详见公告全文	2019-06-03	A30	2019-06-03	2019-06-03	○
600000	公司信息披露公告	详见公告全文	2019-06-03	A30	2019-06-03	2019-06-03	○
600000	公司信息披露公告	详见公告全文	2019-06-03	A30	2019-06-03	2019-06-03	○
600000	公司信息披露公告	详见公告全文	2019-06-03	A30	2019-06-03	2019-06-03	○
600000	公司信息披露公告	详见公告全文	2019-06-03	A30	2019-06-03	2019-06-03	○
600000	公司信息披露公告	详见公告全文	2019-06-03	A30	2019-06-03	2019-06-03	○
600000	公司信息披露公告	详见公告全文	2019-06-03	A30	2019-06-03	2019-06-03	○
600000	公司信息披露公告	详见公告全文	2019-06-03	A30	2019-06-03	2019-06-03	○
600000	公司信息披露公告	详见公告全文	2019-06-03	A30	2019-06-03	2019-06-03	○
证券代码索引
